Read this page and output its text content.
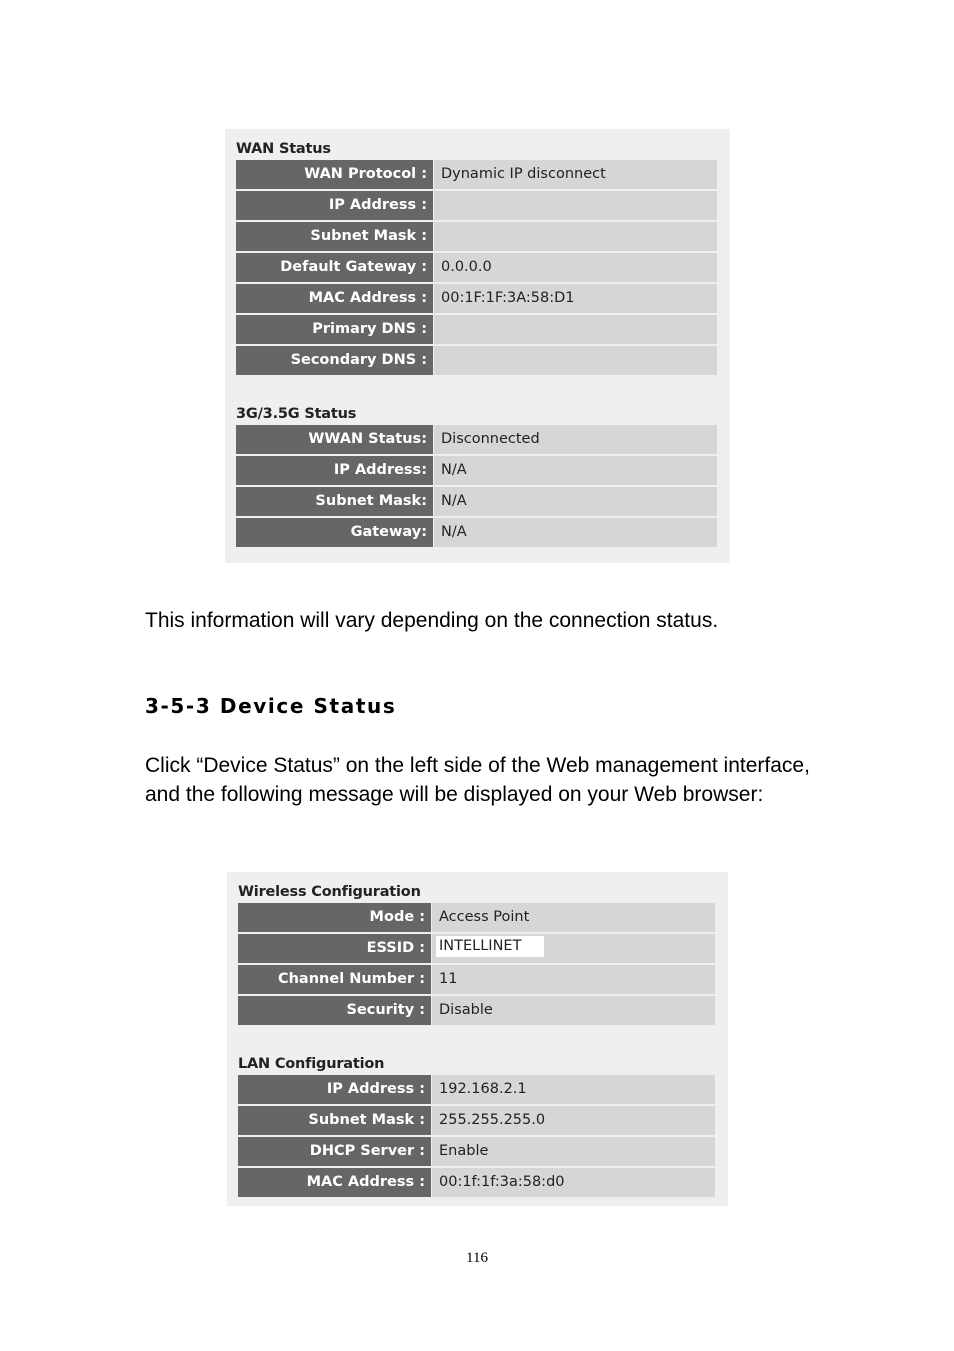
WAN Status
WAN Protocol : Dynamic IP disconnect
IP Address :
Subnet Mask :
Default Gateway : 0.0.0.0
MAC Address : 00:1F:1F:3A:58:D1
Primary DNS :
Secondary DNS :
3G/3.5G Status
WWAN Status: Disconnected
IP Address: N/A
Subnet Mask: N/A
Gateway: N/A
This information will vary depending on the connection status.
3-5-3 Device Status
Click “Device Status” on the left side of the Web management interface, and the following message will be displayed on your Web browser:
Wireless Configuration
Mode : Access Point
ESSID : INTELLINET
Channel Number : 11
Security : Disable
LAN Configuration
IP Address : 192.168.2.1
Subnet Mask : 255.255.255.0
DHCP Server : Enable
MAC Address : 00:1f:1f:3a:58:d0
116
